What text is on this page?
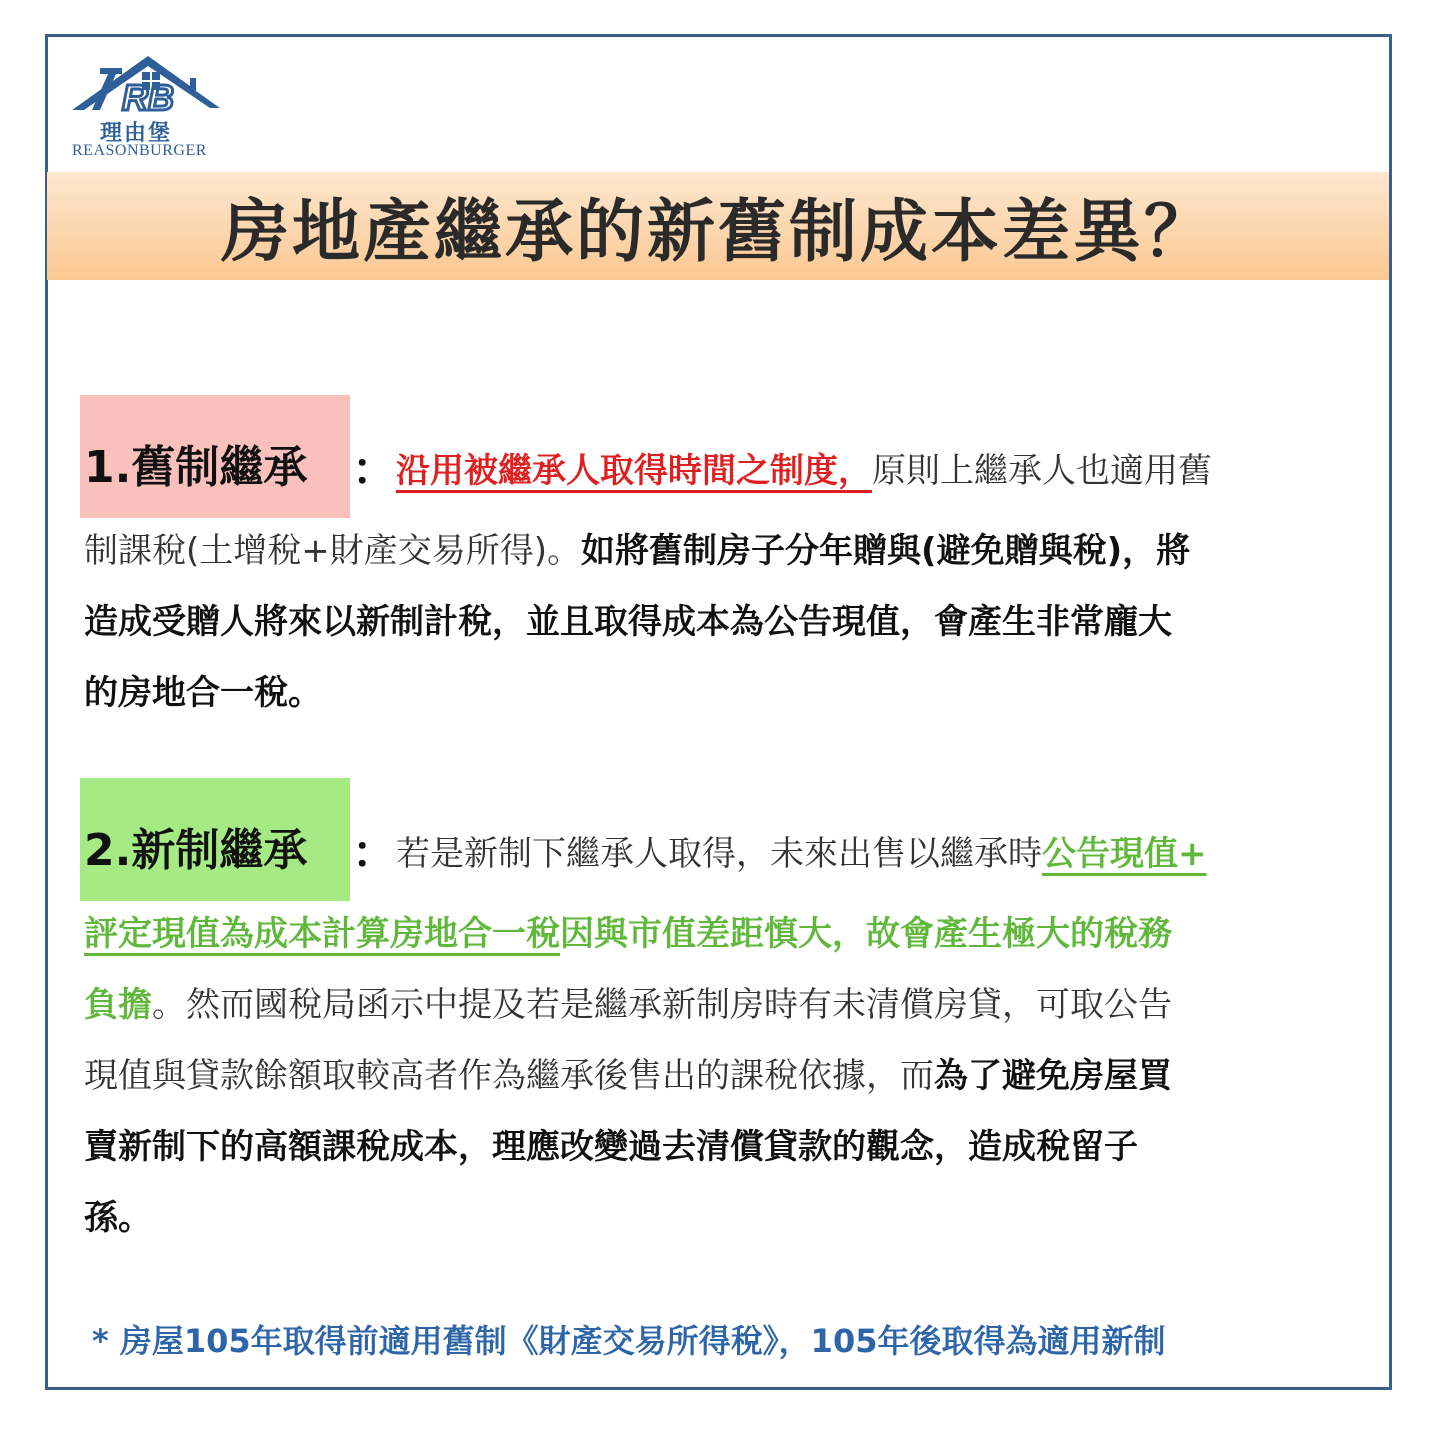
RB
理由堡
REASONBURGER
房地產繼承的新舊制成本差異？
1.舊制繼承 ： 沿用被繼承人取得時間之制度，原則上繼承人也適用舊
制課稅(土增稅+財產交易所得)。如將舊制房子分年贈與(避免贈與稅)，將
造成受贈人將來以新制計稅，並且取得成本為公告現值，會產生非常龐大
的房地合一稅。
2.新制繼承 ： 若是新制下繼承人取得，未來出售以繼承時公告現值+
評定現值為成本計算房地合一稅因與市值差距慎大，故會產生極大的稅務
負擔。然而國稅局函示中提及若是繼承新制房時有未清償房貸，可取公告
現值與貸款餘額取較高者作為繼承後售出的課稅依據，而為了避免房屋買
賣新制下的高額課稅成本，理應改變過去清償貸款的觀念，造成稅留子
孫。
* 房屋105年取得前適用舊制《財產交易所得稅》，105年後取得為適用新制
